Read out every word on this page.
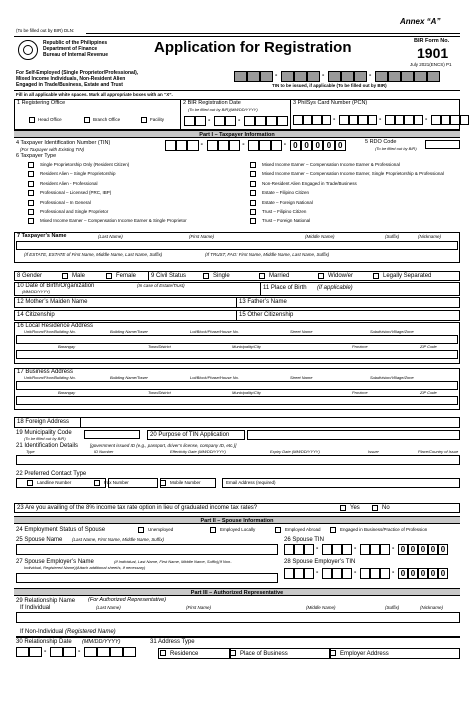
Annex “A”
(To be filled out by BIR) DLN:
Republic of the Philippines
Department of Finance
Bureau of Internal Revenue	Application for Registration	BIR Form No.
1901
July 2021(ENCS) P1
For Self-Employed (Single Proprietor/Professional),
Mixed Income Individuals, Non-Resident Alien
Engaged in Trade/Business, Estate and Trust
-	-	-
TIN to be issued, if applicable (To be filled out by BIR)
Fill in all applicable white spaces. Mark all appropriate boxes with an “X”.
1 Registering Office
Head Office	Branch Office	Facility
2 BIR Registration Date
(To be filled out by BIR)(MM/DD/YYYY)
-	-
3 PhilSys Card Number (PCN)
-	-	-
Part I – Taxpayer Information
4 Taxpayer Identification Number (TIN)
(For Taxpayer with Existing TIN)
-	-	- 0 0 0 0 0	5 RDO Code
(To be filled out by BIR)
6 Taxpayer Type
Single Proprietorship Only (Resident Citizen)
Resident Alien – Single Proprietorship
Resident Alien - Professional
Professional – Licensed (PRC, IBP)
Professional – In General
Professional and Single Proprietor
Mixed Income Earner – Compensation Income Earner & Single Proprietor
Mixed Income Earner – Compensation Income Earner & Professional
Mixed Income Earner – Compensation Income Earner, Single Proprietorship & Professional
Non-Resident Alien Engaged in Trade/Business
Estate – Filipino Citizen
Estate – Foreign National
Trust – Filipino Citizen
Trust – Foreign National
7 Taxpayer’s Name	(Last Name)	(First Name)	(Middle Name)	(Suffix)	(Nickname)
(If ESTATE, ESTATE of First Name, Middle Name, Last Name, Suffix)	(If TRUST, FAO: First Name, Middle Name, Last Name, Suffix)
8 Gender	Male	Female 9 Civil Status	Single	Married	Widow/er	Legally Separated
10 Date of Birth/Organization	(In case of Estate/Trust)
(MM/DD/YYYY)
11 Place of Birth (if applicable)
12 Mother’s Maiden Name	13 Father’s Name
14 Citizenship	15 Other Citizenship
16 Local Residence Address
Unit/Room/Floor/Building No.	Building Name/Tower	Lot/Block/Phase/House No.	Street Name	Subdivision/Village/Zone
Barangay	Town/District	Municipality/City	Province	ZIP Code
17 Business Address
Unit/Room/Floor/Building No.	Building Name/Tower	Lot/Block/Phase/House No.	Street Name	Subdivision/Village/Zone
Barangay	Town/District	Municipality/City	Province	ZIP Code
18 Foreign Address
19 Municipality Code
(To be filled out by BIR)
20 Purpose of TIN Application
21 Identification Details	[government issued ID (e.g., passport, driver’s license, company ID, etc.)]
Type	ID Number	Effectivity Date (MM/DD/YYYY)	Expiry Date (MM/DD/YYYY)	Issuer	Place/Country of Issue
22 Preferred Contact Type
Landline Number	Fax Number	Mobile Number	Email Address (required)
23 Are you availing of the 8% income tax rate option in lieu of graduated income tax rates?	Yes	No
Part II – Spouse Information
24 Employment Status of Spouse	Unemployed	Employed Locally	Employed Abroad	Engaged in Business/Practice of Profession
25 Spouse Name (Last Name, First Name, Middle Name, Suffix)	26 Spouse TIN
-	-	- 0 0 0 0 0
27 Spouse Employer’s Name	(If Individual, Last Name, First Name, Middle Name, Suffix)(If Non-
Individual, Registered Name)(Attach additional sheet/s, if necessary)
28 Spouse Employer’s TIN
-	-	- 0 0 0 0 0
Part III – Authorized Representative
29 Relationship Name (For Authorized Representative)
If Individual	(Last Name)	(First Name)	(Middle Name)	(Suffix)	(Nickname)
If Non-Individual (Registered Name)
30 Relationship Date (MM/DD/YYYY)
-	-
31 Address Type
Residence	Place of Business	Employer Address
